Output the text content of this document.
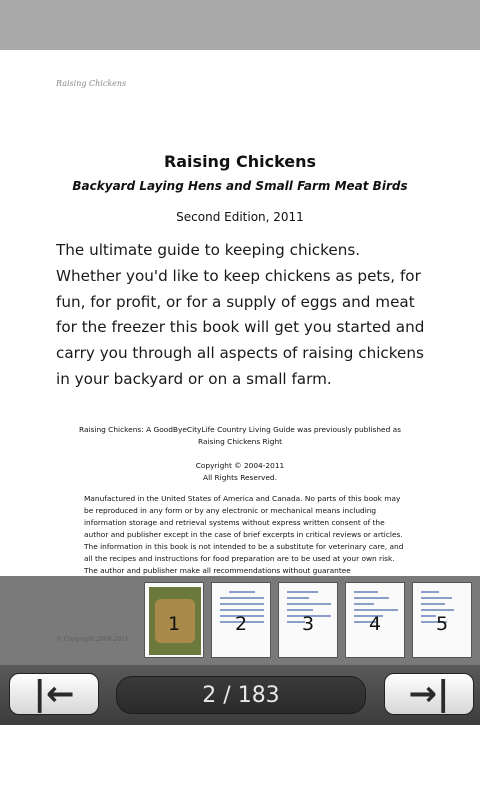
Raising Chickens
Raising Chickens
Backyard Laying Hens and Small Farm Meat Birds
Second Edition, 2011
The ultimate guide to keeping chickens. Whether you'd like to keep chickens as pets, for fun, for profit, or for a supply of eggs and meat for the freezer this book will get you started and carry you through all aspects of raising chickens in your backyard or on a small farm.
Raising Chickens: A GoodByeCityLife Country Living Guide was previously published as Raising Chickens Right
Copyright © 2004-2011
All Rights Reserved.
Manufactured in the United States of America and Canada. No parts of this book may be reproduced in any form or by any electronic or mechanical means including information storage and retrieval systems without express written consent of the author and publisher except in the case of brief excerpts in critical reviews or articles. The information in this book is not intended to be a substitute for veterinary care, and all the recipes and instructions for food preparation are to be used at your own risk. The author and publisher make all recommendations without guarantee
1	2	3	4	5
|←	2 / 183	→|
